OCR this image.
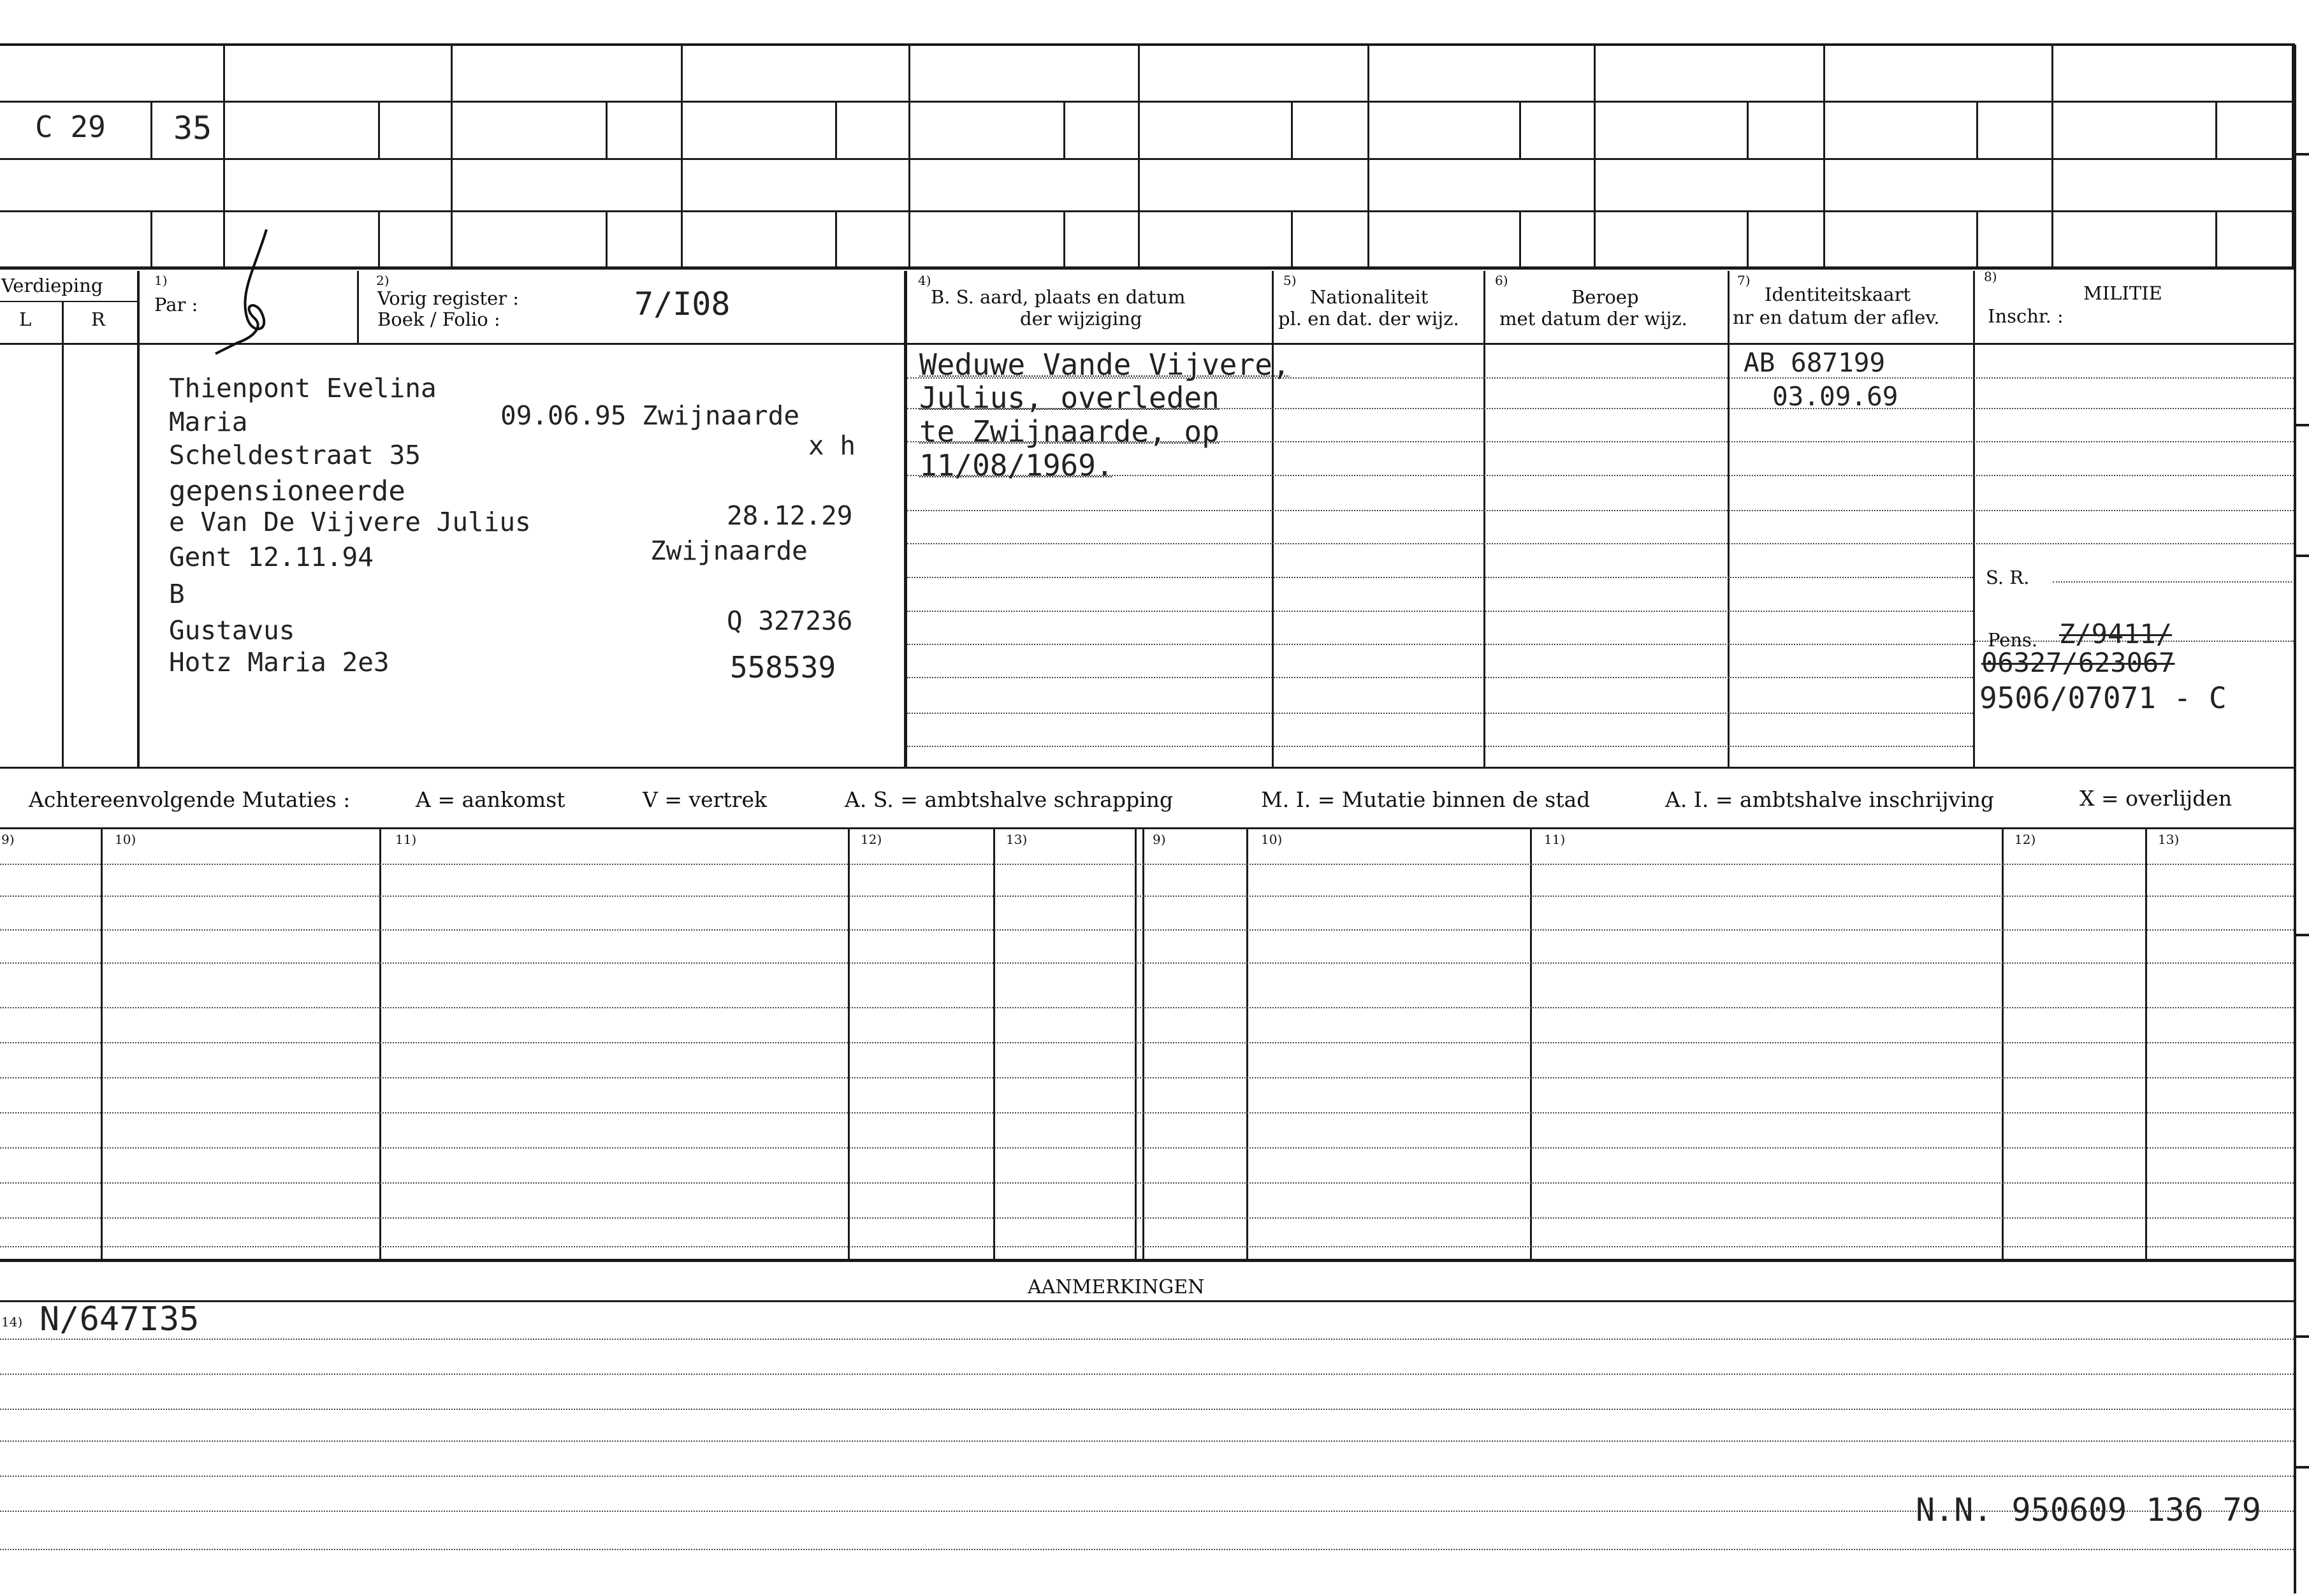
C 29 35
Verdieping
L	R
1)
Par :
2)
Vorig register :
Boek / Folio :	7/I08
4)
B. S. aard, plaats en datum
der wijziging
5)
Nationaliteit
pl. en dat. der wijz.
6)
Beroep
met datum der wijz.
7)
Identiteitskaart
nr en datum der aflev.
8)
MILITIE
Inschr. :
Thienpont Evelina
Maria	09.06.95 Zwijnaarde
Scheldestraat 35	x h
gepensioneerde
e Van De Vijvere Julius	28.12.29
Gent 12.11.94	Zwijnaarde
B
Gustavus	Q 327236
Hotz Maria 2e3	558539
Weduwe Vande Vijvere,
Julius, overleden
te Zwijnaarde, op
11/08/1969.
AB 687199
03.09.69
S. R.
Pens. Z/9411/
06327/623067
9506/07071 - C
Achtereenvolgende Mutaties :	A = aankomst	V = vertrek	A. S. = ambtshalve schrapping	M. I. = Mutatie binnen de stad	A. I. = ambtshalve inschrijving	X = overlijden
9)	10)	11)	12)	13)	9)	10)	11)	12)	13)
AANMERKINGEN
14) N/647I35
N.N. 950609 136 79
